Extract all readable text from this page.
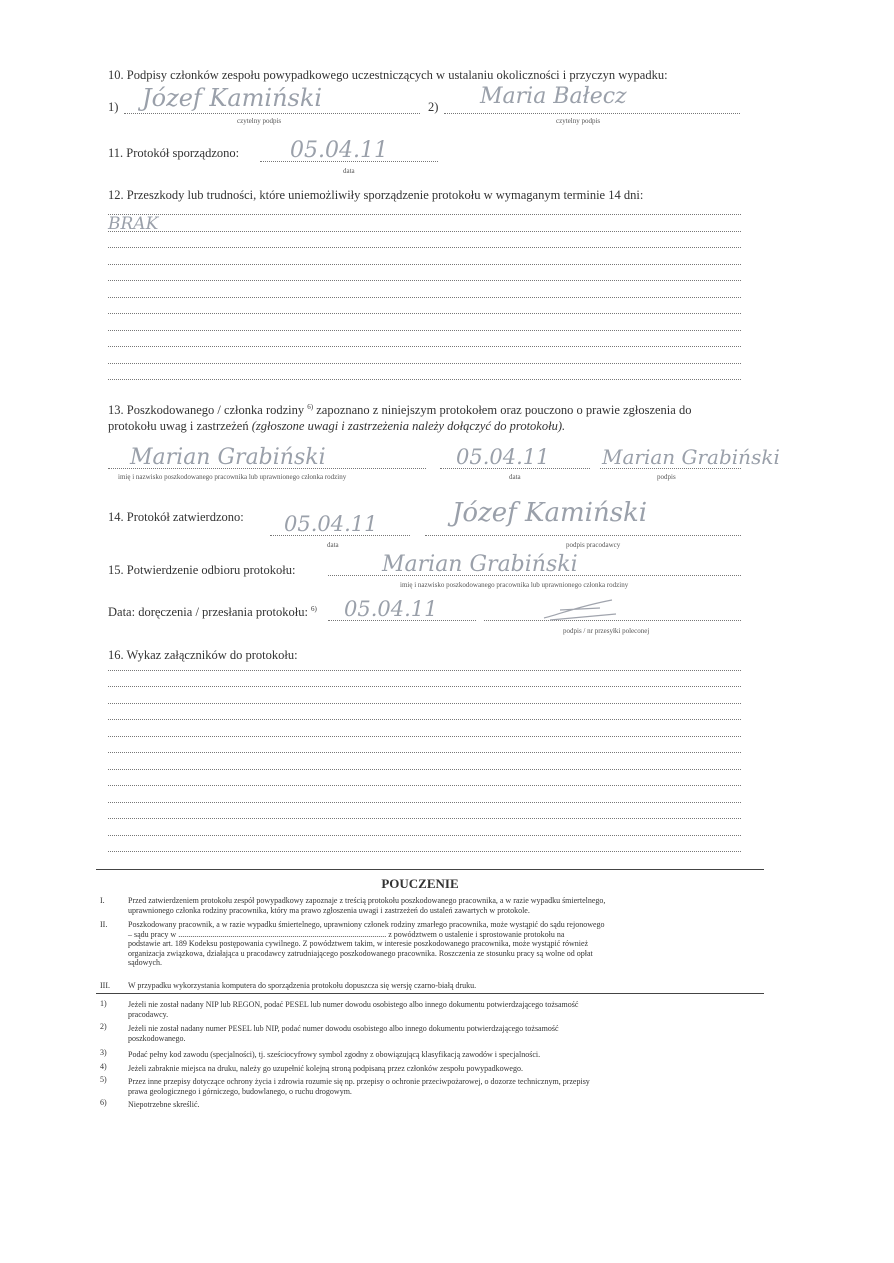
10. Podpisy członków zespołu powypadkowego uczestniczących w ustalaniu okoliczności i przyczyn wypadku:
1) Józef Kamiński
czytelny podpis
2) Maria Bałecz
czytelny podpis
11. Protokół sporządzono: 05.04.11
data
12. Przeszkody lub trudności, które uniemożliwiły sporządzenie protokołu w wymaganym terminie 14 dni:
BRAK
13. Poszkodowanego / członka rodziny $^{6)}$ zapoznano z niniejszym protokołem oraz pouczono o prawie zgłoszenia do
protokołu uwag i zastrzeżeń (zgłoszone uwagi i zastrzeżenia należy dołączyć do protokołu).
Marian Grabiński
imię i nazwisko poszkodowanego pracownika lub uprawnionego członka rodziny
05.04.11
data
Marian Grabiński
podpis
14. Protokół zatwierdzono: 05.04.11
data
Józef Kamiński
podpis pracodawcy
15. Potwierdzenie odbioru protokołu:	Marian Grabiński
imię i nazwisko poszkodowanego pracownika lub uprawnionego członka rodziny
Data: doręczenia / przesłania protokołu: $^{6)}$ 05.04.11
podpis / nr przesyłki poleconej
16. Wykaz załączników do protokołu:
POUCZENIE
I.	Przed zatwierdzeniem protokołu zespół powypadkowy zapoznaje z treścią protokołu poszkodowanego pracownika, a w razie wypadku śmiertelnego,
uprawnionego członka rodziny pracownika, który ma prawo zgłoszenia uwagi i zastrzeżeń do ustaleń zawartych w protokole.
II.	Poszkodowany pracownik, a w razie wypadku śmiertelnego, uprawniony członek rodziny zmarłego pracownika, może wystąpić do sądu rejonowego
– sądu pracy w ........................................................................................................ z powództwem o ustalenie i sprostowanie protokołu na
podstawie art. 189 Kodeksu postępowania cywilnego. Z powództwem takim, w interesie poszkodowanego pracownika, może wystąpić również
organizacja związkowa, działająca u pracodawcy zatrudniającego poszkodowanego pracownika. Roszczenia ze stosunku pracy są wolne od opłat
sądowych.
III. W przypadku wykorzystania komputera do sporządzenia protokołu dopuszcza się wersję czarno-białą druku.
1)	Jeżeli nie został nadany NIP lub REGON, podać PESEL lub numer dowodu osobistego albo innego dokumentu potwierdzającego tożsamość
pracodawcy.
2)	Jeżeli nie został nadany numer PESEL lub NIP, podać numer dowodu osobistego albo innego dokumentu potwierdzającego tożsamość
poszkodowanego.
3)	Podać pełny kod zawodu (specjalności), tj. sześciocyfrowy symbol zgodny z obowiązującą klasyfikacją zawodów i specjalności.
4)	Jeżeli zabraknie miejsca na druku, należy go uzupełnić kolejną stroną podpisaną przez członków zespołu powypadkowego.
5)	Przez inne przepisy dotyczące ochrony życia i zdrowia rozumie się np. przepisy o ochronie przeciwpożarowej, o dozorze technicznym, przepisy
prawa geologicznego i górniczego, budowlanego, o ruchu drogowym.
6)	Niepotrzebne skreślić.
